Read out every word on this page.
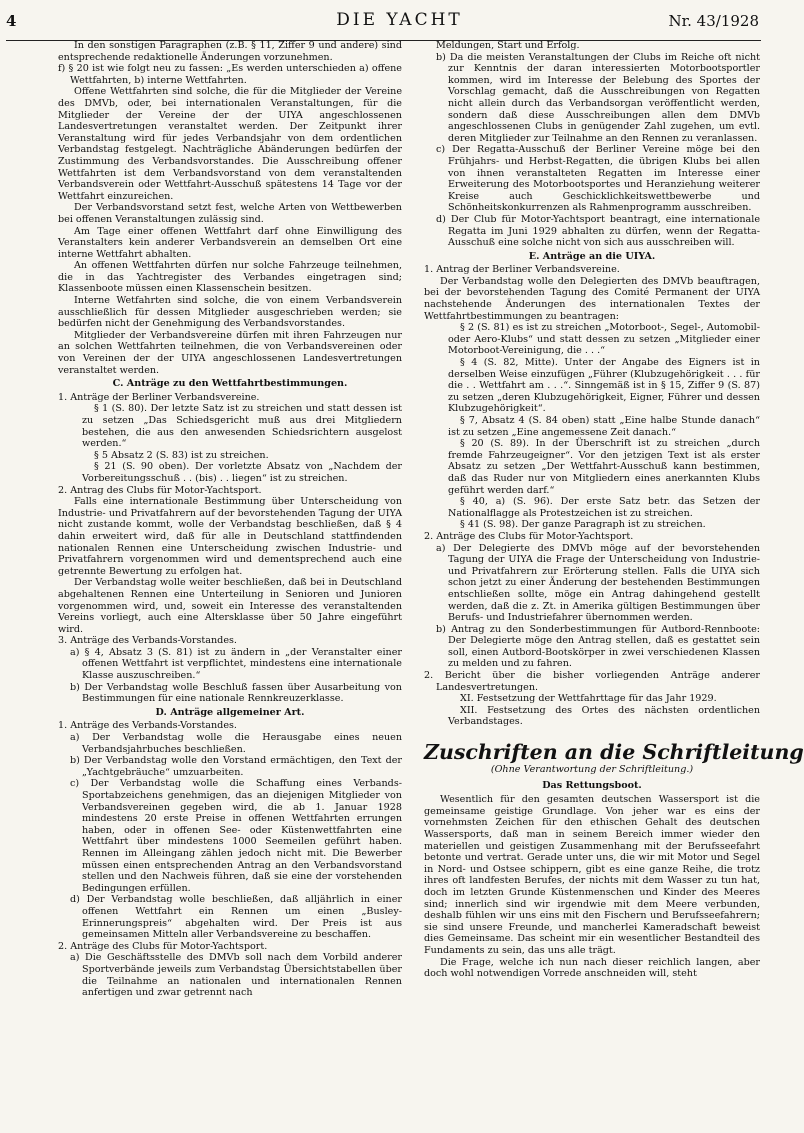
4	DIE YACHT	Nr. 43/1928

In den sonstigen Paragraphen (z.B. § 11, Ziffer 9 und andere) sind entsprechende redaktionelle Änderungen vorzunehmen.

f) § 20 ist wie folgt neu zu fassen: „Es werden unterschieden a) offene Wettfahrten, b) interne Wettfahrten.

Offene Wettfahrten sind solche, die für die Mitglieder der Vereine des DMVb, oder, bei internationalen Veranstaltungen, für die Mitglieder der Vereine der der UIYA angeschlossenen Landesvertretungen veranstaltet werden. Der Zeitpunkt ihrer Veranstaltung wird für jedes Verbandsjahr von dem ordentlichen Verbandstag festgelegt. Nachträgliche Abänderungen bedürfen der Zustimmung des Verbandsvorstandes. Die Ausschreibung offener Wettfahrten ist dem Verbandsvorstand von dem veranstaltenden Verbandsverein oder Wettfahrt-Ausschuß spätestens 14 Tage vor der Wettfahrt einzureichen.

Der Verbandsvorstand setzt fest, welche Arten von Wettbewerben bei offenen Veranstaltungen zulässig sind.

Am Tage einer offenen Wettfahrt darf ohne Einwilligung des Veranstalters kein anderer Verbandsverein an demselben Ort eine interne Wettfahrt abhalten.

An offenen Wettfahrten dürfen nur solche Fahrzeuge teilnehmen, die in das Yachtregister des Verbandes eingetragen sind; Klassenboote müssen einen Klassenschein besitzen.

Interne Wetfahrten sind solche, die von einem Verbandsverein ausschließlich für dessen Mitglieder ausgeschrieben werden; sie bedürfen nicht der Genehmigung des Verbandsvorstandes.

Mitglieder der Verbandsvereine dürfen mit ihren Fahrzeugen nur an solchen Wettfahrten teilnehmen, die von Verbandsvereinen oder von Vereinen der der UIYA angeschlossenen Landesvertretungen veranstaltet werden.

C. Anträge zu den Wettfahrtbestimmungen.

1. Anträge der Berliner Verbandsvereine.

§ 1 (S. 80). Der letzte Satz ist zu streichen und statt dessen ist zu setzen „Das Schiedsgericht muß aus drei Mitgliedern bestehen, die aus den anwesenden Schiedsrichtern ausgelost werden.“

§ 5 Absatz 2 (S. 83) ist zu streichen.

§ 21 (S. 90 oben). Der vorletzte Absatz von „Nachdem der Vorbereitungsschuß . . (bis) . . liegen“ ist zu streichen.

2. Antrag des Clubs für Motor-Yachtsport.

Falls eine internationale Bestimmung über Unterscheidung von Industrie- und Privatfahrern auf der bevorstehenden Tagung der UIYA nicht zustande kommt, wolle der Verbandstag beschließen, daß § 4 dahin erweitert wird, daß für alle in Deutschland stattfindenden nationalen Rennen eine Unterscheidung zwischen Industrie- und Privatfahrern vorgenommen wird und dementsprechend auch eine getrennte Bewertung zu erfolgen hat.

Der Verbandstag wolle weiter beschließen, daß bei in Deutschland abgehaltenen Rennen eine Unterteilung in Senioren und Junioren vorgenommen wird, und, soweit ein Interesse des veranstaltenden Vereins vorliegt, auch eine Altersklasse über 50 Jahre eingeführt wird.

3. Anträge des Verbands-Vorstandes.

a) § 4, Absatz 3 (S. 81) ist zu ändern in „der Veranstalter einer offenen Wettfahrt ist verpflichtet, mindestens eine internationale Klasse auszuschreiben.“

b) Der Verbandstag wolle Beschluß fassen über Ausarbeitung von Bestimmungen für eine nationale Rennkreuzerklasse.

D. Anträge allgemeiner Art.

1. Anträge des Verbands-Vorstandes.

a) Der Verbandstag wolle die Herausgabe eines neuen Verbandsjahrbuches beschließen.

b) Der Verbandstag wolle den Vorstand ermächtigen, den Text der „Yachtgebräuche“ umzuarbeiten.

c) Der Verbandstag wolle die Schaffung eines Verbands-Sportabzeichens genehmigen, das an diejenigen Mitglieder von Verbandsvereinen gegeben wird, die ab 1. Januar 1928 mindestens 20 erste Preise in offenen Wettfahrten errungen haben, oder in offenen See- oder Küstenwettfahrten eine Wettfahrt über mindestens 1000 Seemeilen geführt haben. Rennen im Alleingang zählen jedoch nicht mit. Die Bewerber müssen einen entsprechenden Antrag an den Verbandsvorstand stellen und den Nachweis führen, daß sie eine der vorstehenden Bedingungen erfüllen.

d) Der Verbandstag wolle beschließen, daß alljährlich in einer offenen Wettfahrt ein Rennen um einen „Busley-Erinnerungspreis“ abgehalten wird. Der Preis ist aus gemeinsamen Mitteln aller Verbandsvereine zu beschaffen.

2. Anträge des Clubs für Motor-Yachtsport.

a) Die Geschäftsstelle des DMVb soll nach dem Vorbild anderer Sportverbände jeweils zum Verbandstag Übersichtstabellen über die Teilnahme an nationalen und internationalen Rennen anfertigen und zwar getrennt nach

Meldungen, Start und Erfolg.

b) Da die meisten Veranstaltungen der Clubs im Reiche oft nicht zur Kenntnis der daran interessierten Motorbootsportler kommen, wird im Interesse der Belebung des Sportes der Vorschlag gemacht, daß die Ausschreibungen von Regatten nicht allein durch das Verbandsorgan veröffentlicht werden, sondern daß diese Ausschreibungen allen dem DMVb angeschlossenen Clubs in genügender Zahl zugehen, um evtl. deren Mitglieder zur Teilnahme an den Rennen zu veranlassen.

c) Der Regatta-Ausschuß der Berliner Vereine möge bei den Frühjahrs- und Herbst-Regatten, die übrigen Klubs bei allen von ihnen veranstalteten Regatten im Interesse einer Erweiterung des Motorbootsportes und Heranziehung weiterer Kreise auch Geschicklichkeitswettbewerbe und Schönheitskonkurrenzen als Rahmenprogramm ausschreiben.

d) Der Club für Motor-Yachtsport beantragt, eine internationale Regatta im Juni 1929 abhalten zu dürfen, wenn der Regatta-Ausschuß eine solche nicht von sich aus ausschreiben will.

E. Anträge an die UIYA.

1. Antrag der Berliner Verbandsvereine.

Der Verbandstag wolle den Delegierten des DMVb beauftragen, bei der bevorstehenden Tagung des Comité Permanent der UIYA nachstehende Änderungen des internationalen Textes der Wettfahrtbestimmungen zu beantragen:

§ 2 (S. 81) es ist zu streichen „Motorboot-, Segel-, Automobil- oder Aero-Klubs“ und statt dessen zu setzen „Mitglieder einer Motorboot-Vereinigung, die . . .“

§ 4 (S. 82, Mitte). Unter der Angabe des Eigners ist in derselben Weise einzufügen „Führer (Klubzugehörigkeit . . . für die . . Wettfahrt am . . .“. Sinngemäß ist in § 15, Ziffer 9 (S. 87) zu setzen „deren Klubzugehörigkeit, Eigner, Führer und dessen Klubzugehörigkeit“.

§ 7, Absatz 4 (S. 84 oben) statt „Eine halbe Stunde danach“ ist zu setzen „Eine angemessene Zeit danach.“

§ 20 (S. 89). In der Überschrift ist zu streichen „durch fremde Fahrzeugeigner“. Vor den jetzigen Text ist als erster Absatz zu setzen „Der Wettfahrt-Ausschuß kann bestimmen, daß das Ruder nur von Mitgliedern eines anerkannten Klubs geführt werden darf.“

§ 40, a) (S. 96). Der erste Satz betr. das Setzen der Nationalflagge als Protestzeichen ist zu streichen.

§ 41 (S. 98). Der ganze Paragraph ist zu streichen.

2. Anträge des Clubs für Motor-Yachtsport.

a) Der Delegierte des DMVb möge auf der bevorstehenden Tagung der UIYA die Frage der Unterscheidung von Industrie- und Privatfahrern zur Erörterung stellen. Falls die UIYA sich schon jetzt zu einer Änderung der bestehenden Bestimmungen entschließen sollte, möge ein Antrag dahingehend gestellt werden, daß die z. Zt. in Amerika gültigen Bestimmungen über Berufs- und Industriefahrer übernommen werden.

b) Antrag zu den Sonderbestimmungen für Autbord-Rennboote: Der Delegierte möge den Antrag stellen, daß es gestattet sein soll, einen Autbord-Bootskörper in zwei verschiedenen Klassen zu melden und zu fahren.

2. Bericht über die bisher vorliegenden Anträge anderer Landesvertretungen.

XI. Festsetzung der Wettfahrttage für das Jahr 1929.

XII. Festsetzung des Ortes des nächsten ordentlichen Verbandstages.

Zuschriften an die Schriftleitung

(Ohne Verantwortung der Schriftleitung.)

Das Rettungsboot.

Wesentlich für den gesamten deutschen Wassersport ist die gemeinsame geistige Grundlage. Von jeher war es eins der vornehmsten Zeichen für den ethischen Gehalt des deutschen Wassersports, daß man in seinem Bereich immer wieder den materiellen und geistigen Zusammenhang mit der Berufsseefahrt betonte und vertrat. Gerade unter uns, die wir mit Motor und Segel in Nord- und Ostsee schippern, gibt es eine ganze Reihe, die trotz ihres oft landfesten Berufes, der nichts mit dem Wasser zu tun hat, doch im letzten Grunde Küstenmenschen und Kinder des Meeres sind; innerlich sind wir irgendwie mit dem Meere verbunden, deshalb fühlen wir uns eins mit den Fischern und Berufsseefahrern; sie sind unsere Freunde, und mancherlei Kameradschaft beweist dies Gemeinsame. Das scheint mir ein wesentlicher Bestandteil des Fundaments zu sein, das uns alle trägt.

Die Frage, welche ich nun nach dieser reichlich langen, aber doch wohl notwendigen Vorrede anschneiden will, steht
